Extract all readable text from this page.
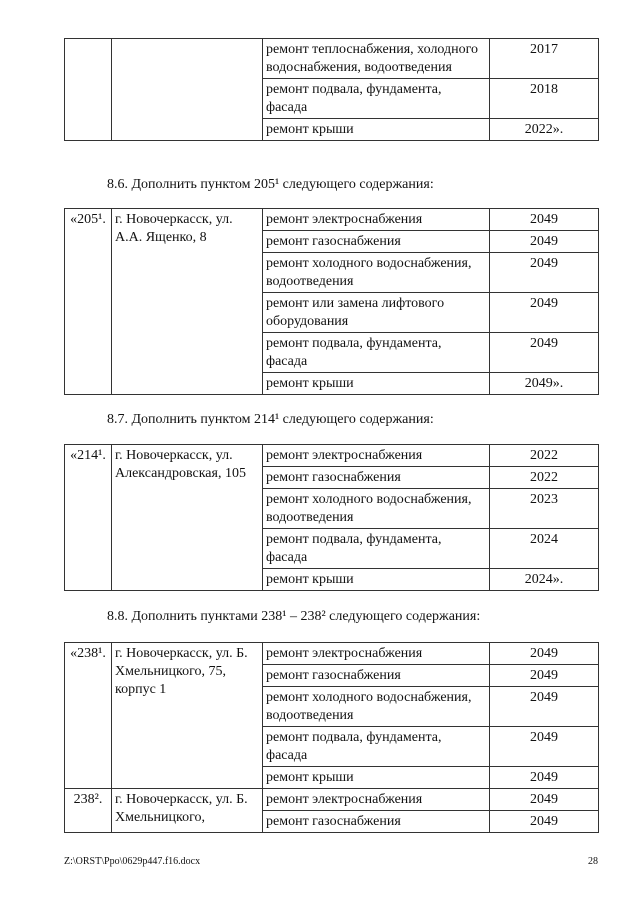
		ремонт теплоснабжения, холодного водоснабжения, водоотведения	2017
		ремонт подвала, фундамента, фасада	2018
		ремонт крыши	2022».

8.6. Дополнить пунктом 205¹ следующего содержания:

«205¹.	г. Новочеркасск, ул. А.А. Ященко, 8	ремонт электроснабжения	2049
		ремонт газоснабжения	2049
		ремонт холодного водоснабжения, водоотведения	2049
		ремонт или замена лифтового оборудования	2049
		ремонт подвала, фундамента, фасада	2049
		ремонт крыши	2049».

8.7. Дополнить пунктом 214¹ следующего содержания:

«214¹.	г. Новочеркасск, ул. Александровская, 105	ремонт электроснабжения	2022
		ремонт газоснабжения	2022
		ремонт холодного водоснабжения, водоотведения	2023
		ремонт подвала, фундамента, фасада	2024
		ремонт крыши	2024».

8.8. Дополнить пунктами 238¹ – 238² следующего содержания:

«238¹.	г. Новочеркасск, ул. Б. Хмельницкого, 75, корпус 1	ремонт электроснабжения	2049
		ремонт газоснабжения	2049
		ремонт холодного водоснабжения, водоотведения	2049
		ремонт подвала, фундамента, фасада	2049
		ремонт крыши	2049
238².	г. Новочеркасск, ул. Б. Хмельницкого,	ремонт электроснабжения	2049
		ремонт газоснабжения	2049
Z:\ORST\Ppo\0629p447.f16.docx	28
